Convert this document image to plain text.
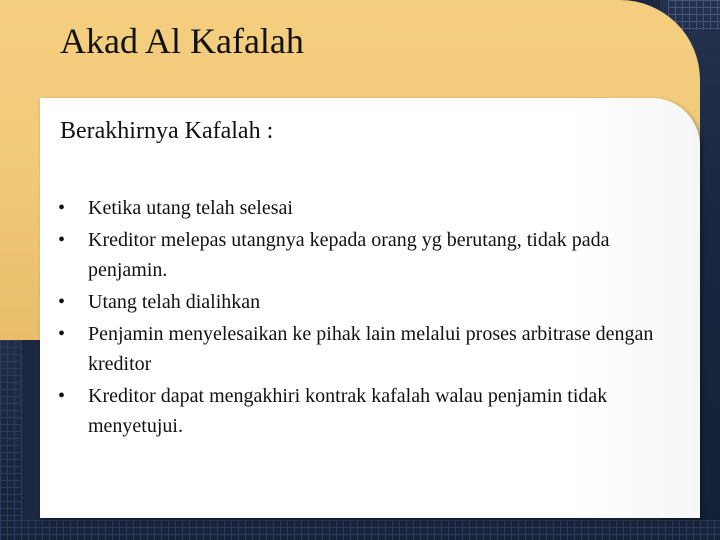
Akad Al Kafalah
Berakhirnya Kafalah :
•	Ketika utang telah selesai
•	Kreditor melepas utangnya kepada orang yg berutang, tidak pada penjamin.
•	Utang telah dialihkan
•	Penjamin menyelesaikan ke pihak lain melalui proses arbitrase dengan kreditor
•	Kreditor dapat mengakhiri kontrak kafalah walau penjamin tidak menyetujui.
